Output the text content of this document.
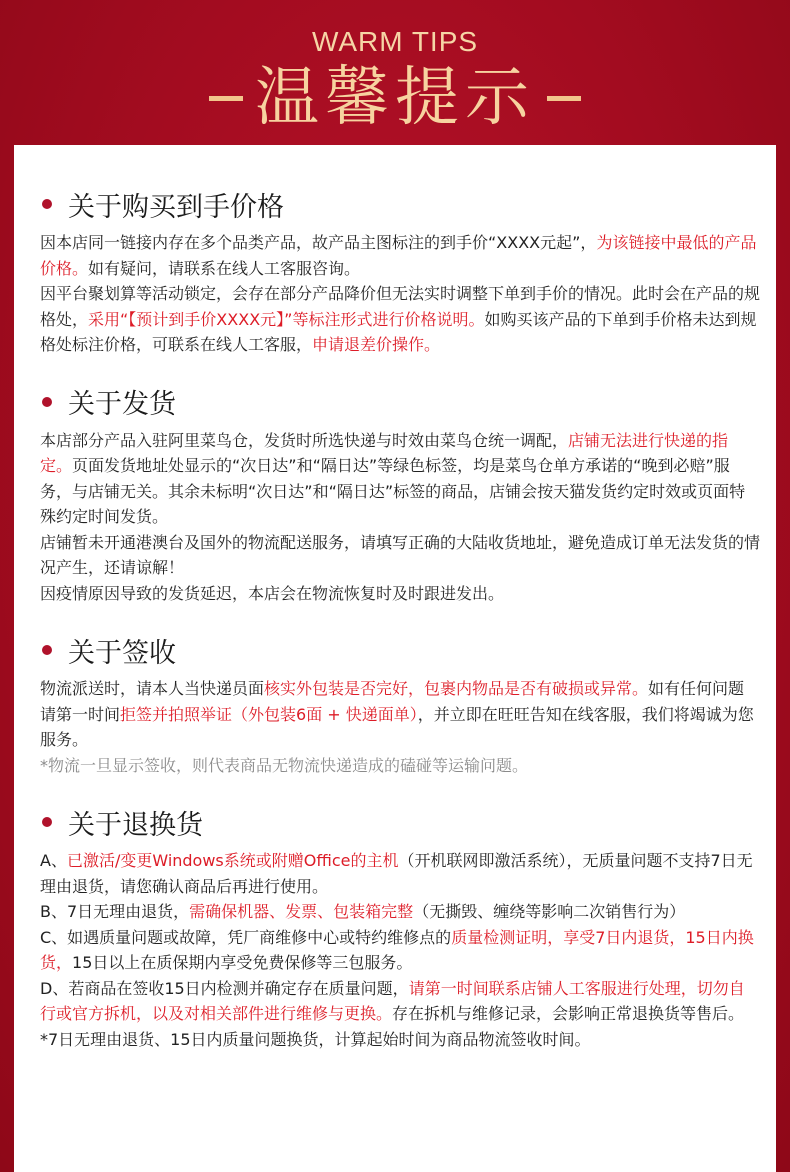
WARM TIPS
温馨提示
关于购买到手价格

因本店同一链接内存在多个品类产品，故产品主图标注的到手价“XXXX元起”，为该链接中最低的产品价格。如有疑问，请联系在线人工客服咨询。

因平台聚划算等活动锁定，会存在部分产品降价但无法实时调整下单到手价的情况。此时会在产品的规格处，采用“【预计到手价XXXX元】”等标注形式进行价格说明。如购买该产品的下单到手价格未达到规格处标注价格，可联系在线人工客服，申请退差价操作。

关于发货

本店部分产品入驻阿里菜鸟仓，发货时所选快递与时效由菜鸟仓统一调配，店铺无法进行快递的指定。页面发货地址处显示的“次日达”和“隔日达”等绿色标签，均是菜鸟仓单方承诺的“晚到必赔”服务，与店铺无关。其余未标明“次日达”和“隔日达”标签的商品，店铺会按天猫发货约定时效或页面特殊约定时间发货。

店铺暂未开通港澳台及国外的物流配送服务，请填写正确的大陆收货地址，避免造成订单无法发货的情况产生，还请谅解！

因疫情原因导致的发货延迟，本店会在物流恢复时及时跟进发出。

关于签收

物流派送时，请本人当快递员面核实外包装是否完好，包裹内物品是否有破损或异常。如有任何问题请第一时间拒签并拍照举证（外包装6面 + 快递面单），并立即在旺旺告知在线客服，我们将竭诚为您服务。

*物流一旦显示签收，则代表商品无物流快递造成的磕碰等运输问题。

关于退换货

A、已激活/变更Windows系统或附赠Office的主机（开机联网即激活系统），无质量问题不支持7日无理由退货，请您确认商品后再进行使用。

B、7日无理由退货，需确保机器、发票、包装箱完整（无撕毁、缠绕等影响二次销售行为）

C、如遇质量问题或故障，凭厂商维修中心或特约维修点的质量检测证明，享受7日内退货，15日内换货，15日以上在质保期内享受免费保修等三包服务。

D、若商品在签收15日内检测并确定存在质量问题，请第一时间联系店铺人工客服进行处理，切勿自行或官方拆机，以及对相关部件进行维修与更换。存在拆机与维修记录，会影响正常退换货等售后。

*7日无理由退货、15日内质量问题换货，计算起始时间为商品物流签收时间。
